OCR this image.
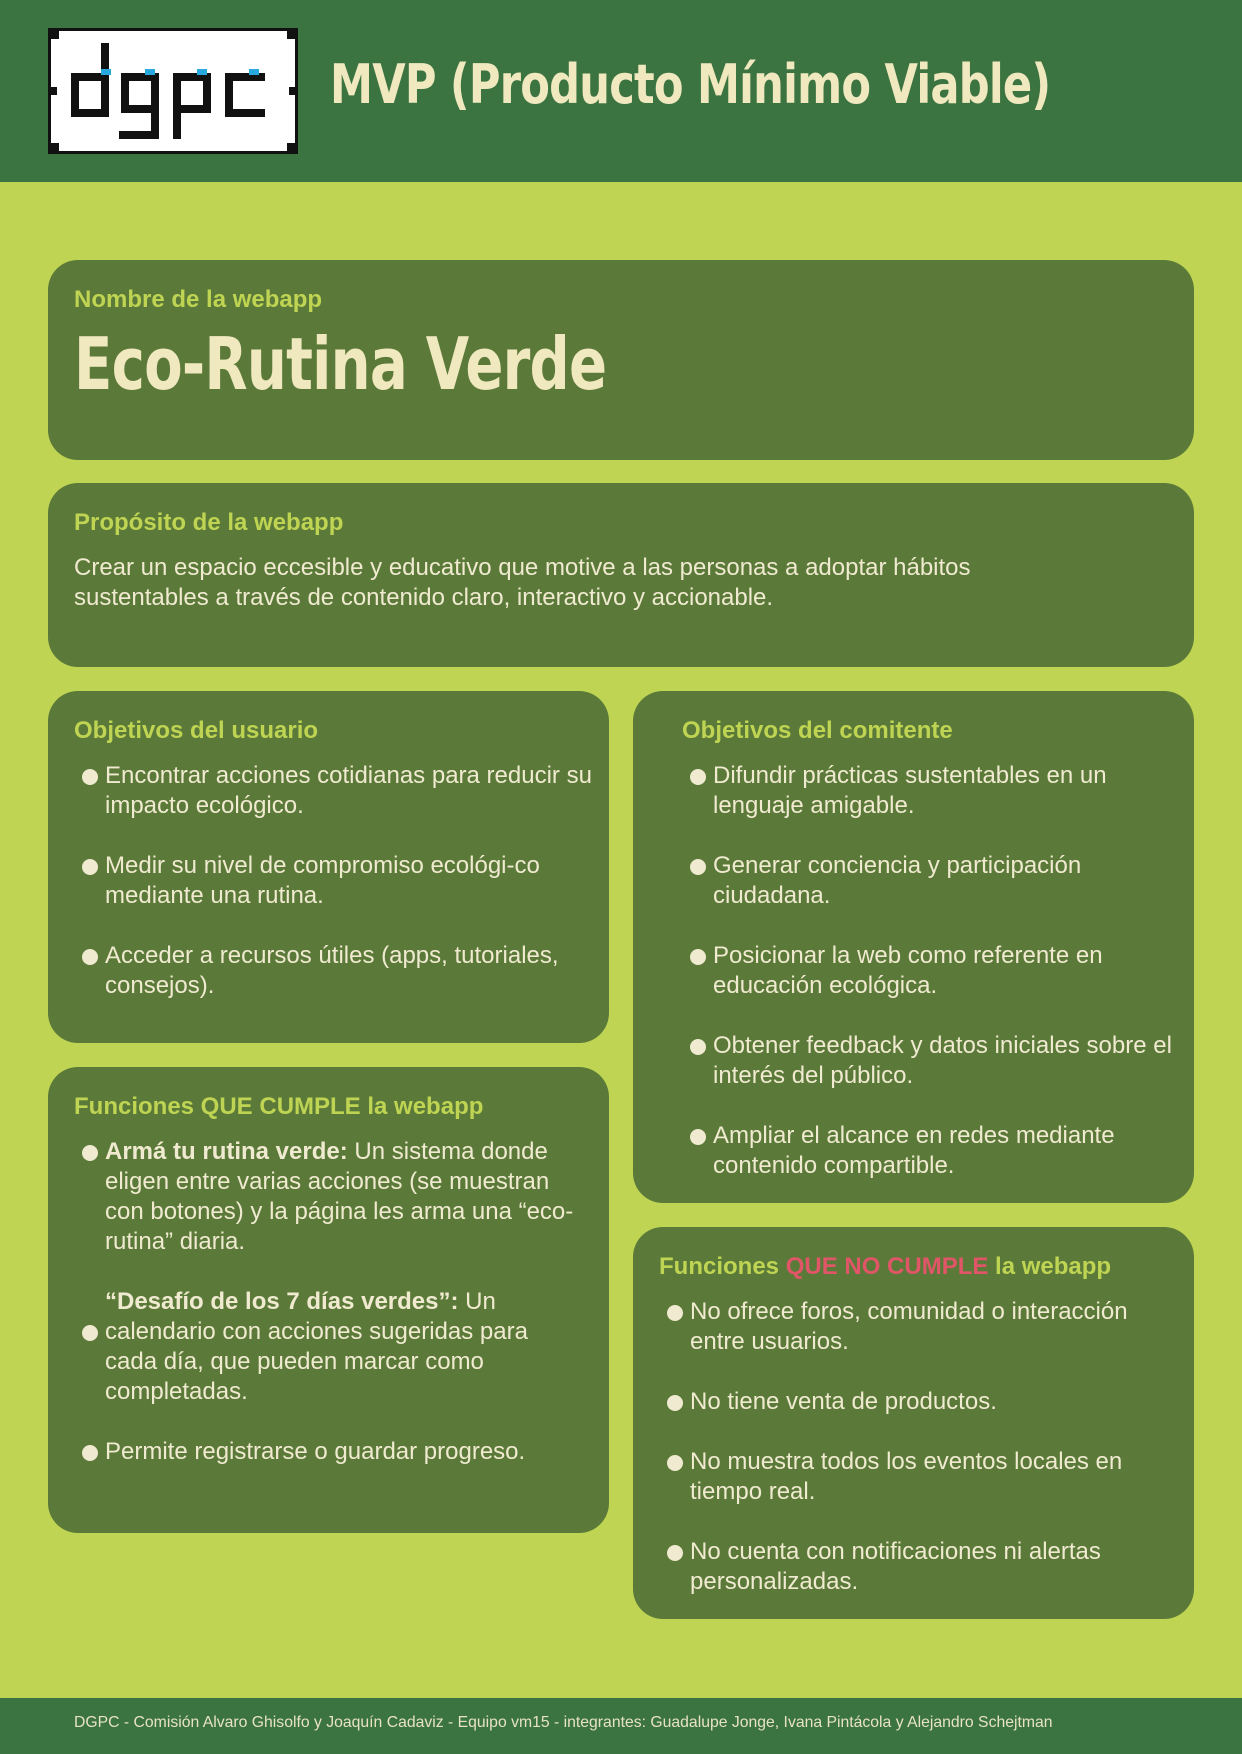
MVP (Producto Mínimo Viable)
Nombre de la webapp
Eco-Rutina Verde
Propósito de la webapp
Crear un espacio eccesible y educativo que motive a las personas a adoptar hábitos sustentables a través de contenido claro, interactivo y accionable.
Objetivos del usuario
Encontrar acciones cotidianas para reducir su impacto ecológico.
Medir su nivel de compromiso ecológi-co mediante una rutina.
Acceder a recursos útiles (apps, tutoriales, consejos).
Objetivos del comitente
Difundir prácticas sustentables en un lenguaje amigable.
Generar conciencia y participación ciudadana.
Posicionar la web como referente en educación ecológica.
Obtener feedback y datos iniciales sobre el interés del público.
Ampliar el alcance en redes mediante contenido compartible.
Funciones QUE CUMPLE la webapp
Armá tu rutina verde: Un sistema donde eligen entre varias acciones (se muestran con botones) y la página les arma una “eco-rutina” diaria.
“Desafío de los 7 días verdes”: Un calendario con acciones sugeridas para cada día, que pueden marcar como completadas.
Permite registrarse o guardar progreso.
Funciones QUE NO CUMPLE la webapp
No ofrece foros, comunidad o interacción entre usuarios.
No tiene venta de productos.
No muestra todos los eventos locales en tiempo real.
No cuenta con notificaciones ni alertas personalizadas.
DGPC - Comisión Alvaro Ghisolfo y Joaquín Cadaviz - Equipo vm15 - integrantes: Guadalupe Jonge, Ivana Pintácola y Alejandro Schejtman
